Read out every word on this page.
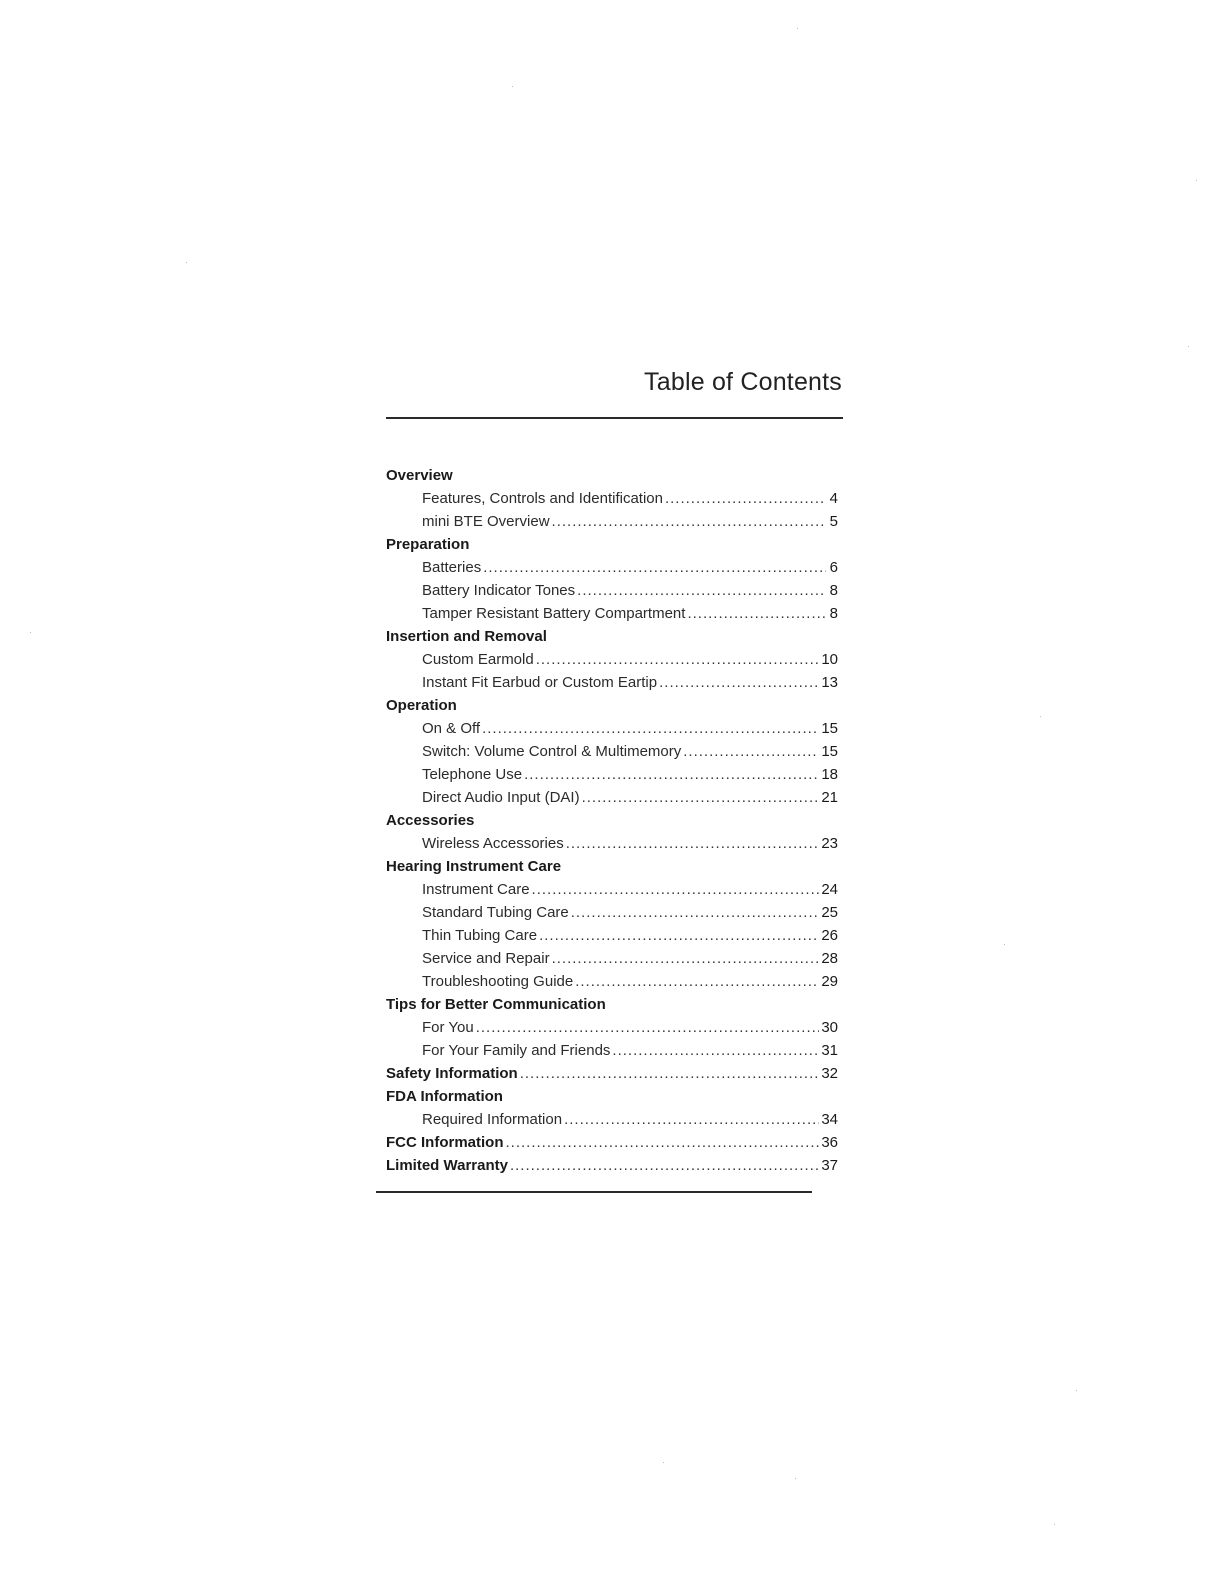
Table of Contents
Overview
Features, Controls and Identification .....	4
mini BTE Overview .....	5
Preparation
Batteries .....	6
Battery Indicator Tones .....	8
Tamper Resistant Battery Compartment .....	8
Insertion and Removal
Custom Earmold .....	10
Instant Fit Earbud or Custom Eartip .....	13
Operation
On & Off .....	15
Switch: Volume Control & Multimemory .....	15
Telephone Use .....	18
Direct Audio Input (DAI) .....	21
Accessories
Wireless Accessories .....	23
Hearing Instrument Care
Instrument Care .....	24
Standard Tubing Care .....	25
Thin Tubing Care .....	26
Service and Repair .....	28
Troubleshooting Guide .....	29
Tips for Better Communication
For You .....	30
For Your Family and Friends .....	31
Safety Information .....	32
FDA Information
Required Information .....	34
FCC Information .....	36
Limited Warranty .....	37
